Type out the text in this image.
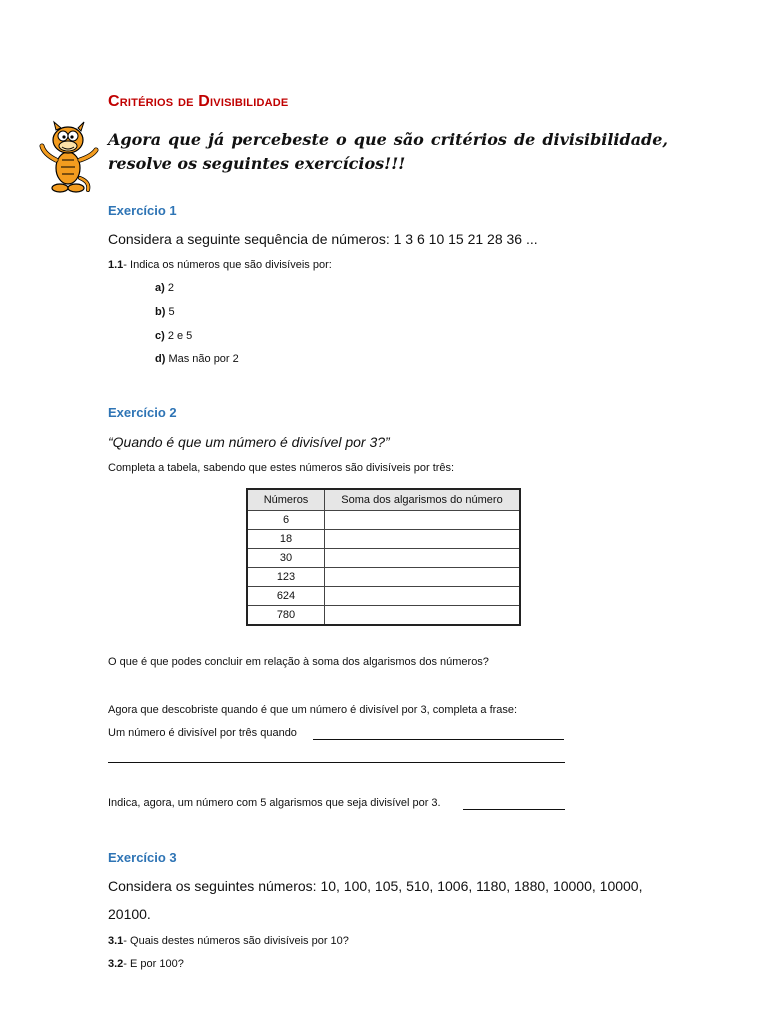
Critérios de Divisibilidade
Agora que já percebeste o que são critérios de divisibilidade, resolve os seguintes exercícios!!!
Exercício 1
Considera a seguinte sequência de números: 1 3 6 10 15 21 28 36 ...
1.1- Indica os números que são divisíveis por:
a) 2
b) 5
c) 2 e 5
d) Mas não por 2
Exercício 2
“Quando é que um número é divisível por 3?”
Completa a tabela, sabendo que estes números são divisíveis por três:
Números	Soma dos algarismos do número
6	
18	
30	
123	
624	
780	
O que é que podes concluir em relação à soma dos algarismos dos números?
Agora que descobriste quando é que um número é divisível por 3, completa a frase:
Um número é divisível por três quando
Indica, agora, um número com 5 algarismos que seja divisível por 3.
Exercício 3
Considera os seguintes números: 10, 100, 105, 510, 1006, 1180, 1880, 10000, 10000,
20100.
3.1- Quais destes números são divisíveis por 10?
3.2- E por 100?
